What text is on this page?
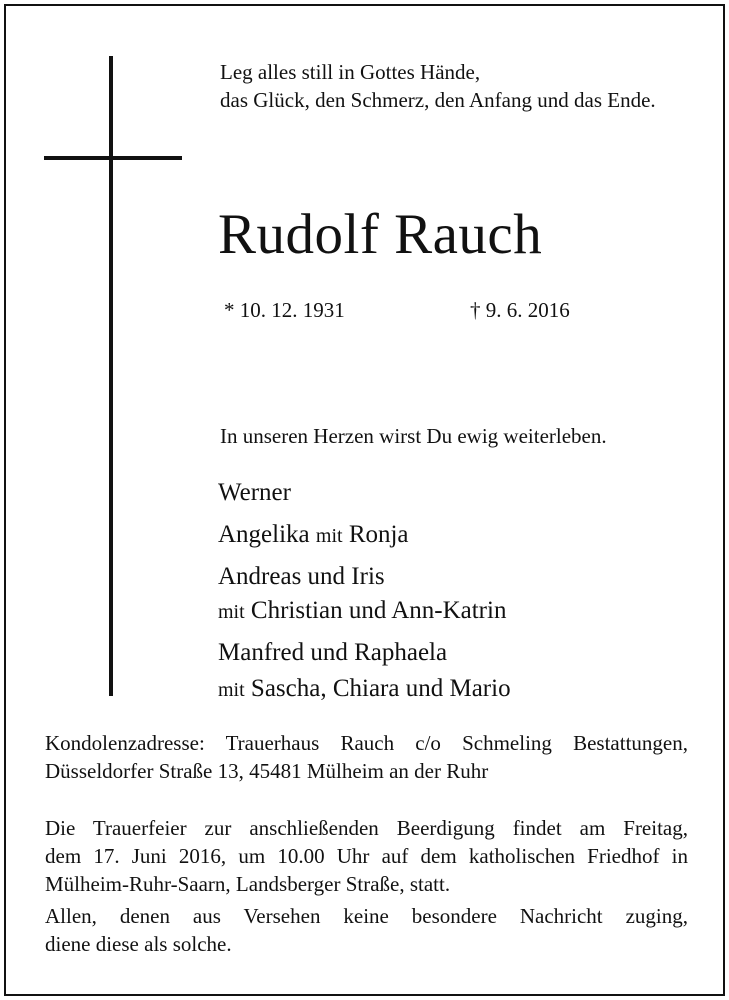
Leg alles still in Gottes Hände,
das Glück, den Schmerz, den Anfang und das Ende.
Rudolf Rauch
* 10. 12. 1931	† 9. 6. 2016
In unseren Herzen wirst Du ewig weiterleben.
Werner
Angelika mit Ronja
Andreas und Iris
mit Christian und Ann-Katrin
Manfred und Raphaela
mit Sascha, Chiara und Mario
Kondolenzadresse: Trauerhaus Rauch c/o Schmeling Bestattungen,
Düsseldorfer Straße 13, 45481 Mülheim an der Ruhr
Die Trauerfeier zur anschließenden Beerdigung findet am Freitag,
dem 17. Juni 2016, um 10.00 Uhr auf dem katholischen Friedhof in
Mülheim-Ruhr-Saarn, Landsberger Straße, statt.
Allen, denen aus Versehen keine besondere Nachricht zuging,
diene diese als solche.
